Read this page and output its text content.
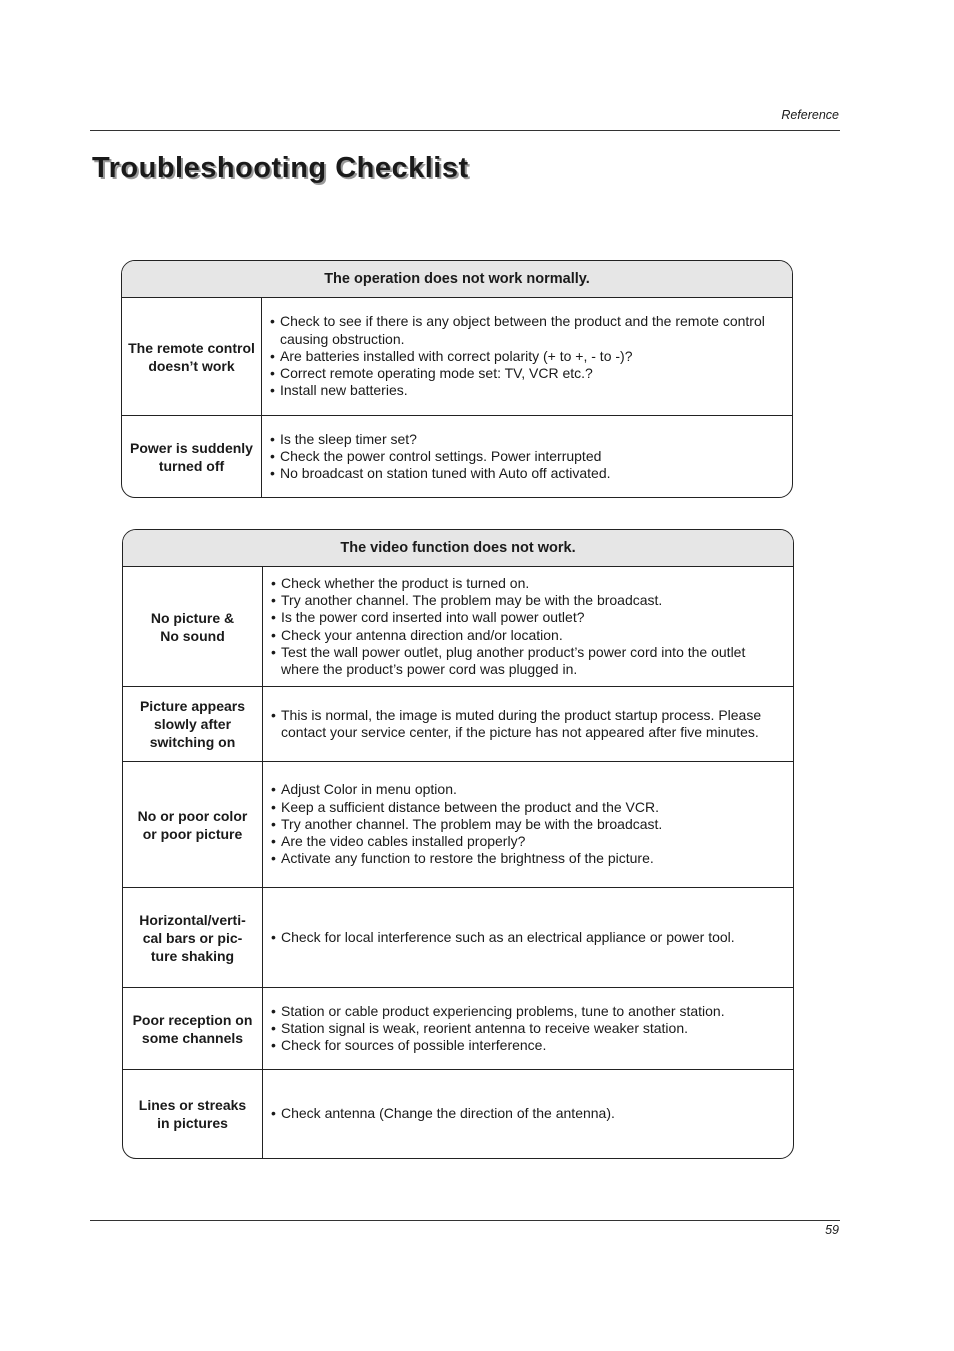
Reference
Troubleshooting Checklist
The operation does not work normally.
The remote control
doesn’t work
• Check to see if there is any object between the product and the remote control causing obstruction.
• Are batteries installed with correct polarity (+ to +, - to -)?
• Correct remote operating mode set: TV, VCR etc.?
• Install new batteries.
Power is suddenly
turned off
• Is the sleep timer set?
• Check the power control settings. Power interrupted
• No broadcast on station tuned with Auto off activated.
The video function does not work.
No picture &
No sound
• Check whether the product is turned on.
• Try another channel. The problem may be with the broadcast.
• Is the power cord inserted into wall power outlet?
• Check your antenna direction and/or location.
• Test the wall power outlet, plug another product’s power cord into the outlet where the product’s power cord was plugged in.
Picture appears
slowly after
switching on
• This is normal, the image is muted during the product startup process. Please contact your service center, if the picture has not appeared after five minutes.
No or poor color
or poor picture
• Adjust Color in menu option.
• Keep a sufficient distance between the product and the VCR.
• Try another channel. The problem may be with the broadcast.
• Are the video cables installed properly?
• Activate any function to restore the brightness of the picture.
Horizontal/verti-
cal bars or pic-
ture shaking
• Check for local interference such as an electrical appliance or power tool.
Poor reception on
some channels
• Station or cable product experiencing problems, tune to another station.
• Station signal is weak, reorient antenna to receive weaker station.
• Check for sources of possible interference.
Lines or streaks
in pictures
• Check antenna (Change the direction of the antenna).
59
